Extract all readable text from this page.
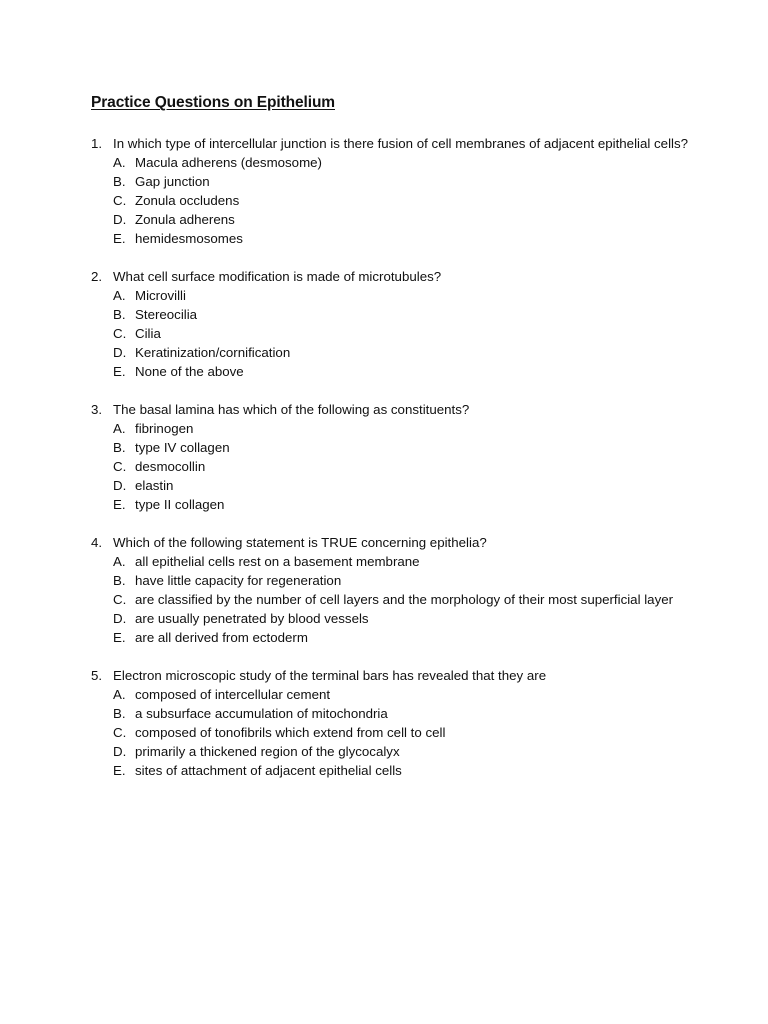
Practice Questions on Epithelium
1. In which type of intercellular junction is there fusion of cell membranes of adjacent epithelial cells?
A. Macula adherens (desmosome)
B. Gap junction
C. Zonula occludens
D. Zonula adherens
E. hemidesmosomes
2. What cell surface modification is made of microtubules?
A. Microvilli
B. Stereocilia
C. Cilia
D. Keratinization/cornification
E. None of the above
3. The basal lamina has which of the following as constituents?
A. fibrinogen
B. type IV collagen
C. desmocollin
D. elastin
E. type II collagen
4. Which of the following statement is TRUE concerning epithelia?
A. all epithelial cells rest on a basement membrane
B. have little capacity for regeneration
C. are classified by the number of cell layers and the morphology of their most superficial layer
D. are usually penetrated by blood vessels
E. are all derived from ectoderm
5. Electron microscopic study of the terminal bars has revealed that they are
A. composed of intercellular cement
B. a subsurface accumulation of mitochondria
C. composed of tonofibrils which extend from cell to cell
D. primarily a thickened region of the glycocalyx
E. sites of attachment of adjacent epithelial cells
